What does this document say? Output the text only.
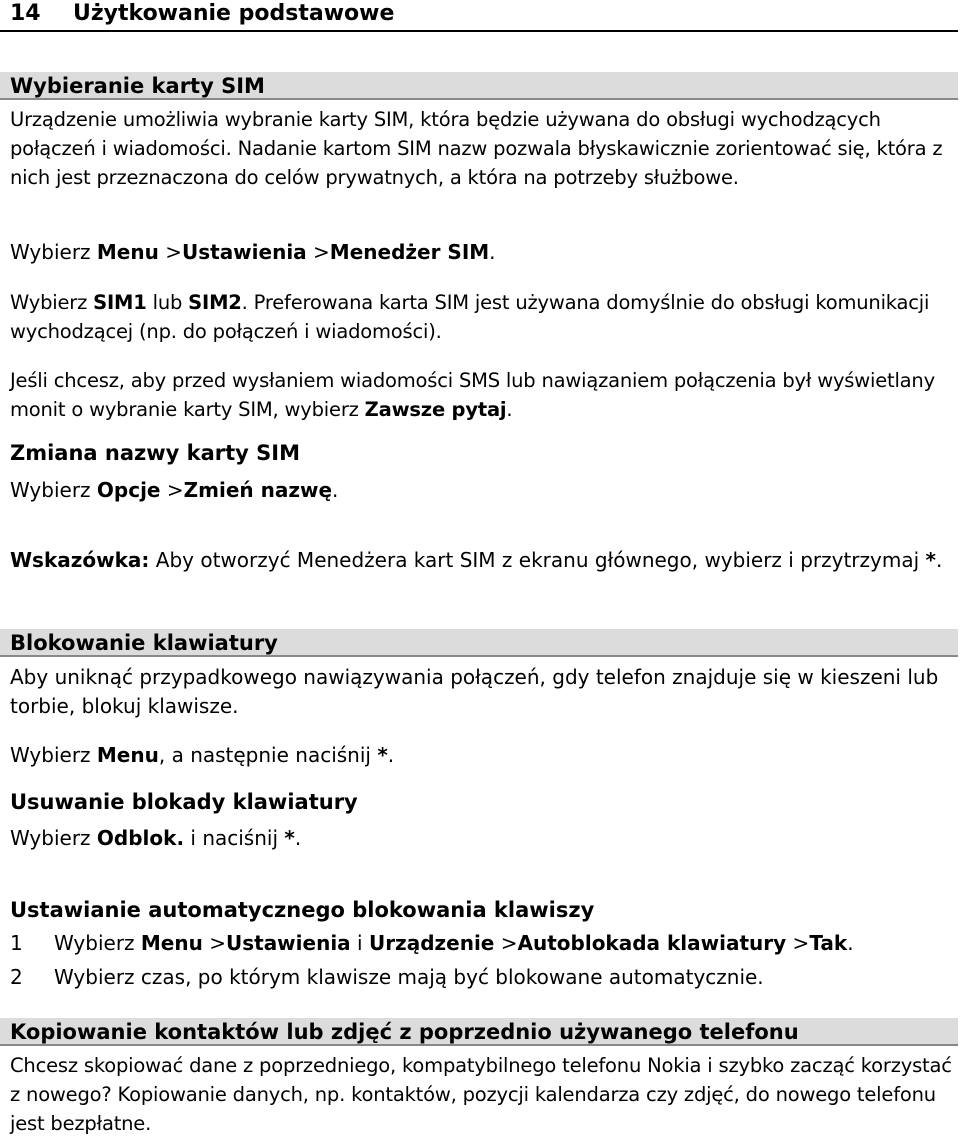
14 Użytkowanie podstawowe
Wybieranie karty SIM
Urządzenie umożliwia wybranie karty SIM, która będzie używana do obsługi wychodzących połączeń i wiadomości. Nadanie kartom SIM nazw pozwala błyskawicznie zorientować się, która z nich jest przeznaczona do celów prywatnych, a która na potrzeby służbowe.
Wybierz Menu >Ustawienia >Menedżer SIM.
Wybierz SIM1 lub SIM2. Preferowana karta SIM jest używana domyślnie do obsługi komunikacji wychodzącej (np. do połączeń i wiadomości).
Jeśli chcesz, aby przed wysłaniem wiadomości SMS lub nawiązaniem połączenia był wyświetlany monit o wybranie karty SIM, wybierz Zawsze pytaj.
Zmiana nazwy karty SIM
Wybierz Opcje >Zmień nazwę.
Wskazówka: Aby otworzyć Menedżera kart SIM z ekranu głównego, wybierz i przytrzymaj *.
Blokowanie klawiatury
Aby uniknąć przypadkowego nawiązywania połączeń, gdy telefon znajduje się w kieszeni lub torbie, blokuj klawisze.
Wybierz Menu, a następnie naciśnij *.
Usuwanie blokady klawiatury
Wybierz Odblok. i naciśnij *.
Ustawianie automatycznego blokowania klawiszy
1 Wybierz Menu >Ustawienia i Urządzenie >Autoblokada klawiatury >Tak.
2 Wybierz czas, po którym klawisze mają być blokowane automatycznie.
Kopiowanie kontaktów lub zdjęć z poprzednio używanego telefonu
Chcesz skopiować dane z poprzedniego, kompatybilnego telefonu Nokia i szybko zacząć korzystać z nowego? Kopiowanie danych, np. kontaktów, pozycji kalendarza czy zdjęć, do nowego telefonu jest bezpłatne.
